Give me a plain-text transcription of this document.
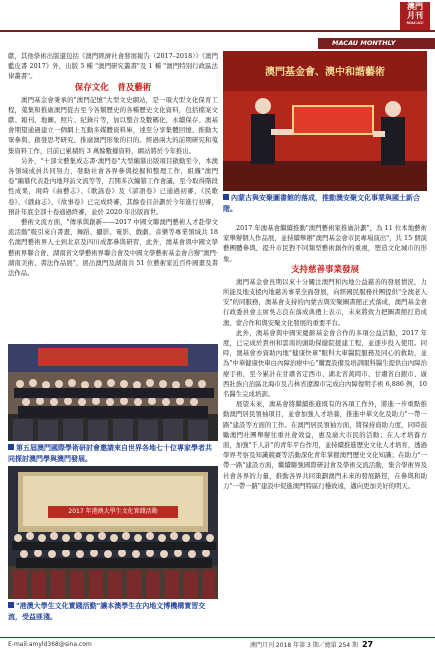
澳門
月刊
MACAU
MACAU MONTHLY

獻，其他學術出版還包括《澳門經濟社會發展報告（2017–2018）》《澳門藍皮書 2017》外，出版 5 種 "澳門研究叢書"及 1 種 "澳門特別行政區法律叢書"。

保存文化　普及藝術

澳門基金會秉承的"澳門記憶"大型文史網站，是一項大型文化保育工程，蒐集和推廣澳門從古至今各類歷史的各種歷史文化資料，包括檔案文獻、報刊、地圖、照片、紀錄片等，加以整合及數碼化，永續保存。澳基會期望通過建立一個網上互動多媒體資料庫，達至分享集體回憶、推動大眾參與、啟發思考研究、推廣澳門形象的目的。經過兩大的前期研究和蒐集資料工作，目前已累積約 3 萬餘數據資料，網站將於今年推出。

另外，"十部文藝集成志書·澳門卷"大型編纂出版項目啟動至今，本澳各領域成員共同努力，發動社會各界參與挖掘和整理工作，組織"澳門卷"編纂代表赴內地拜訪文流等等，召開多次編纂工作會議，至今取得階段性成果，現時《曲藝志》、《歌謠卷》及《諺語卷》已通過初審，《民歌卷》、《戲曲志》、《故事卷》已完成終審，其餘卷目計劃於今年進行初審，預計年底全部十卷通過終審，並於 2020 年出版面世。

藝術文流方面，"傳承與創新——2017 中國文聯澳門藝術人才赴學文流活動"吸引來自書畫、舞蹈、攝影、電影、戲劇、音樂等專業領域共 18 名澳門藝術界人士到北京及四川成都參與研習，此外，澳基會與中國文學藝術界聯合會、湖南省文學藝術界聯合會及中國文學藝術基金會合辦"澳門·湖南美術、書法作品展"，展出澳門及湖南共 51 位藝術家近百件國畫及書法作品。

第五屆澳門國際學術研討會邀請來自世界各地七十位專家學者共同探討澳門學與澳門發展。
2017 年港澳大學生文化實踐活動
"港澳大學生文化實踐活動"讓本澳學生在內地文博機構實習交流，受益匪淺。
澳門基金會、澳中和諧藝術
內蒙古與安聚圖書館的落成，推動澳安聚文化事業與國土新合階。

2017 年澳基會繼續推動"澳門藝術家推廣計劃"，為 11 位本地藝術家舉辦個人作品展，並持續舉辦"澳門基金會市民專場演出"，共 15 個演藝團體參與，提升市民對不同類型藝術創作的重視，塑造文化城市的形象。

支持慈善事業發展

澳門基金會長期以來十分關注澳門和內地公益慈善的發展情況，力所能及地支援內地慈善事業全面發展，向經國民服務社團提供"全澳老人安"的同服務，澳基會支持的內蒙古與安聚圖書館正式落成，澳門基金會行政委員會主席吳志良在落成典禮上表示，未來將致力把圖書館打造成澳、蒙合作和與安聚文化發展的重要平台。

此外，澳基會與中國宋慶齡基金會合作的多項公益活動，2017 年度，已完成於貴州和雲南的頭助保健院援建工程，並逐步投入使用。同時，澳基會亦資助內地"健康快車"眼科大車醫院服務及同心的救助，並為"中華健康快車白內障治療中心"購置設備及培訓眼科醫生提供白內障治療手術，至今累計在甘肅省定西市、湖北省黃岡市、甘肅省白銀市、廣西壯族自治區北海市及吉林省遼源市完成白內障復明手術 6,886 例，10 名醫生完成培訓。

展望未來，澳基會將繼續推進既有的各項工作外，將進一步重點推動澳門居民領袖項目，並會加強人才培養，推進中華文化及助力"一帶一路"建設等方面的工作。在澳門居民領袖方面，將保持資助力度，同時鼓勵澳門社團舉辦往重社會效益，惠及廣大市民的活動；在人才培養方面，加強"千人計"的青年平台作用，並持續推進歷史文化人才培育，透過學界考察及知識競賽等活動深化青年掌握澳門歷史文化知識；在助力"一帶一路"建設方面，繼續聯強國際研討會及學術交流活動，集合學術界及社會各界的力量，推動各界共同策劃澳門未來的發展路徑，在參與和助力"一帶一路"建設中促進澳門特區行穩致遠，邁向更加美好的明天。

E-mail:amyld368@sina.com	澳門月刊 2018 年第 3 期／總第 254 期 27
